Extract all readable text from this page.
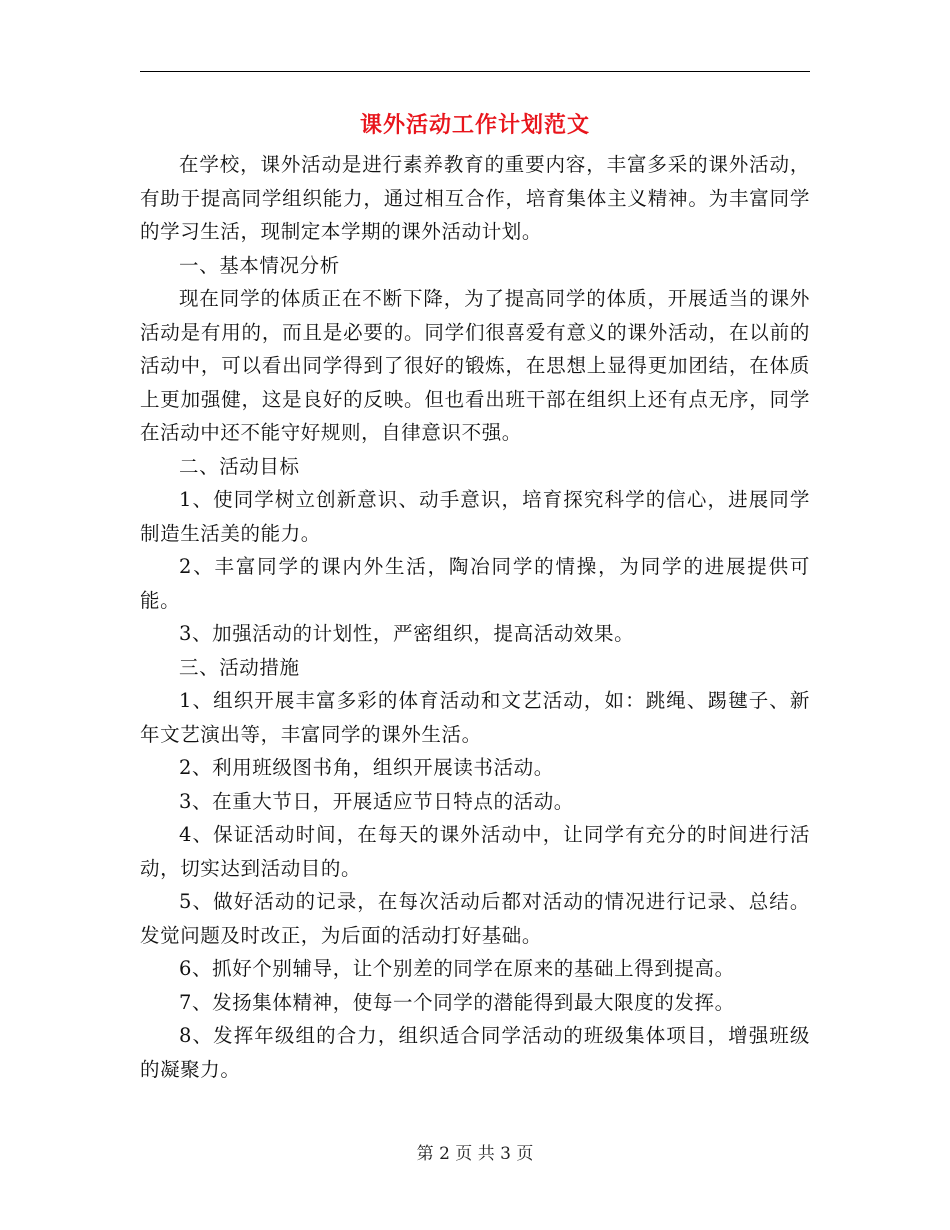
课外活动工作计划范文

在学校，课外活动是进行素养教育的重要内容，丰富多采的课外活动，有助于提高同学组织能力，通过相互合作，培育集体主义精神。为丰富同学的学习生活，现制定本学期的课外活动计划。

一、基本情况分析

现在同学的体质正在不断下降，为了提高同学的体质，开展适当的课外活动是有用的，而且是必要的。同学们很喜爱有意义的课外活动，在以前的活动中，可以看出同学得到了很好的锻炼，在思想上显得更加团结，在体质上更加强健，这是良好的反映。但也看出班干部在组织上还有点无序，同学在活动中还不能守好规则，自律意识不强。

二、活动目标

1、使同学树立创新意识、动手意识，培育探究科学的信心，进展同学制造生活美的能力。

2、丰富同学的课内外生活，陶冶同学的情操，为同学的进展提供可能。

3、加强活动的计划性，严密组织，提高活动效果。

三、活动措施

1、组织开展丰富多彩的体育活动和文艺活动，如：跳绳、踢毽子、新年文艺演出等，丰富同学的课外生活。

2、利用班级图书角，组织开展读书活动。

3、在重大节日，开展适应节日特点的活动。

4、保证活动时间，在每天的课外活动中，让同学有充分的时间进行活动，切实达到活动目的。

5、做好活动的记录，在每次活动后都对活动的情况进行记录、总结。发觉问题及时改正，为后面的活动打好基础。

6、抓好个别辅导，让个别差的同学在原来的基础上得到提高。

7、发扬集体精神，使每一个同学的潜能得到最大限度的发挥。

8、发挥年级组的合力，组织适合同学活动的班级集体项目，增强班级的凝聚力。

第 2 页 共 3 页
